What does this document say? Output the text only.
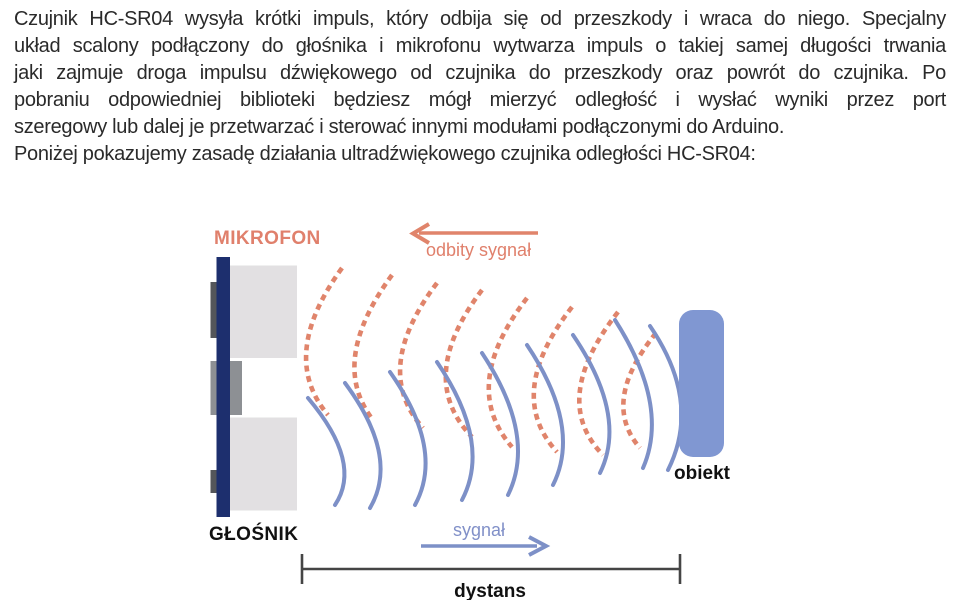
Czujnik HC-SR04 wysyła krótki impuls, który odbija się od przeszkody i wraca do niego. Specjalny
układ scalony podłączony do głośnika i mikrofonu wytwarza impuls o takiej samej długości trwania
jaki zajmuje droga impulsu dźwiękowego od czujnika do przeszkody oraz powrót do czujnika. Po
pobraniu odpowiedniej biblioteki będziesz mógł mierzyć odległość i wysłać wyniki przez port
szeregowy lub dalej je przetwarzać i sterować innymi modułami podłączonymi do Arduino.
Poniżej pokazujemy zasadę działania ultradźwiękowego czujnika odległości HC-SR04:
MIKROFON
GŁOŚNIK
obiekt
odbity sygnał
sygnał
dystans
